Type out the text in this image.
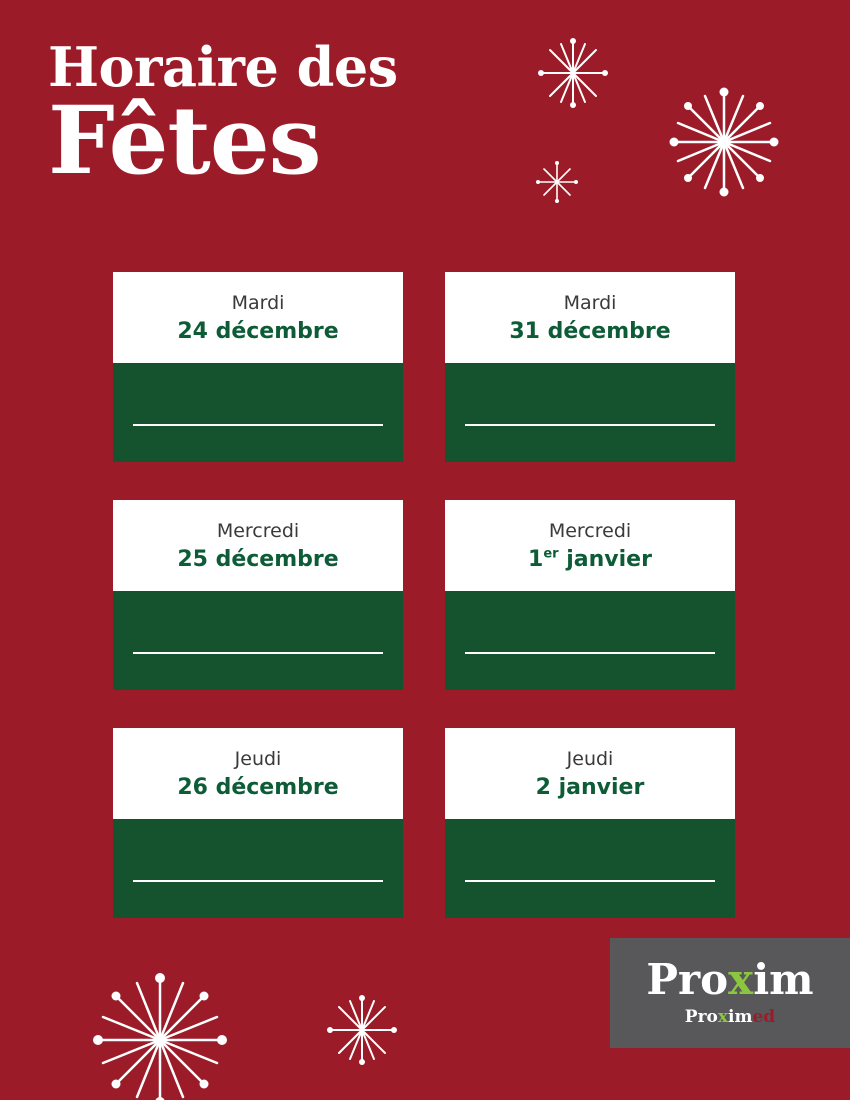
Horaire des
Fêtes
Mardi
24 décembre
Mardi
31 décembre
Mercredi
25 décembre
Mercredi
1er janvier
Jeudi
26 décembre
Jeudi
2 janvier
Proxim
Proximed
